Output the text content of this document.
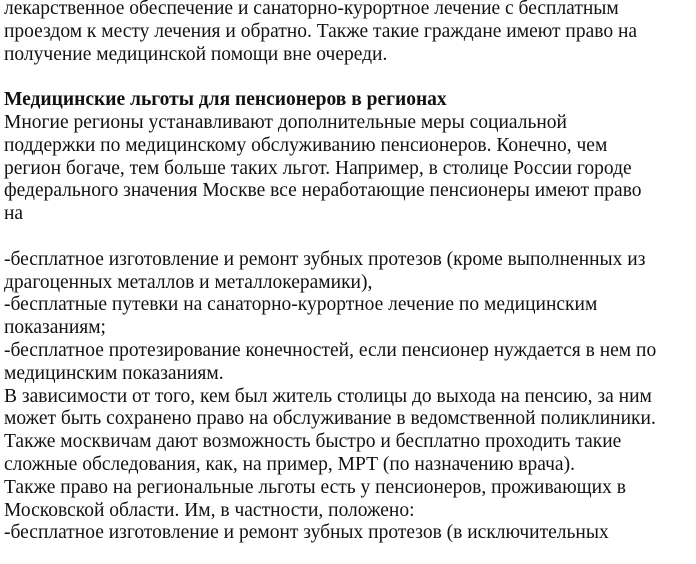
лекарственное обеспечение и санаторно-курортное лечение с бесплатным
проездом к месту лечения и обратно. Также такие граждане имеют право на
получение медицинской помощи вне очереди.
Медицинские льготы для пенсионеров в регионах
Многие регионы устанавливают дополнительные меры социальной
поддержки по медицинскому обслуживанию пенсионеров. Конечно, чем
регион богаче, тем больше таких льгот. Например, в столице России городе
федерального значения Москве все неработающие пенсионеры имеют право
на
-бесплатное изготовление и ремонт зубных протезов (кроме выполненных из
драгоценных металлов и металлокерамики),
-бесплатные путевки на санаторно-курортное лечение по медицинским
показаниям;
-бесплатное протезирование конечностей, если пенсионер нуждается в нем по
медицинским показаниям.
В зависимости от того, кем был житель столицы до выхода на пенсию, за ним
может быть сохранено право на обслуживание в ведомственной поликлиники.
Также москвичам дают возможность быстро и бесплатно проходить такие
сложные обследования, как, на пример, МРТ (по назначению врача).
Также право на региональные льготы есть у пенсионеров, проживающих в
Московской области. Им, в частности, положено:
-бесплатное изготовление и ремонт зубных протезов (в исключительных
